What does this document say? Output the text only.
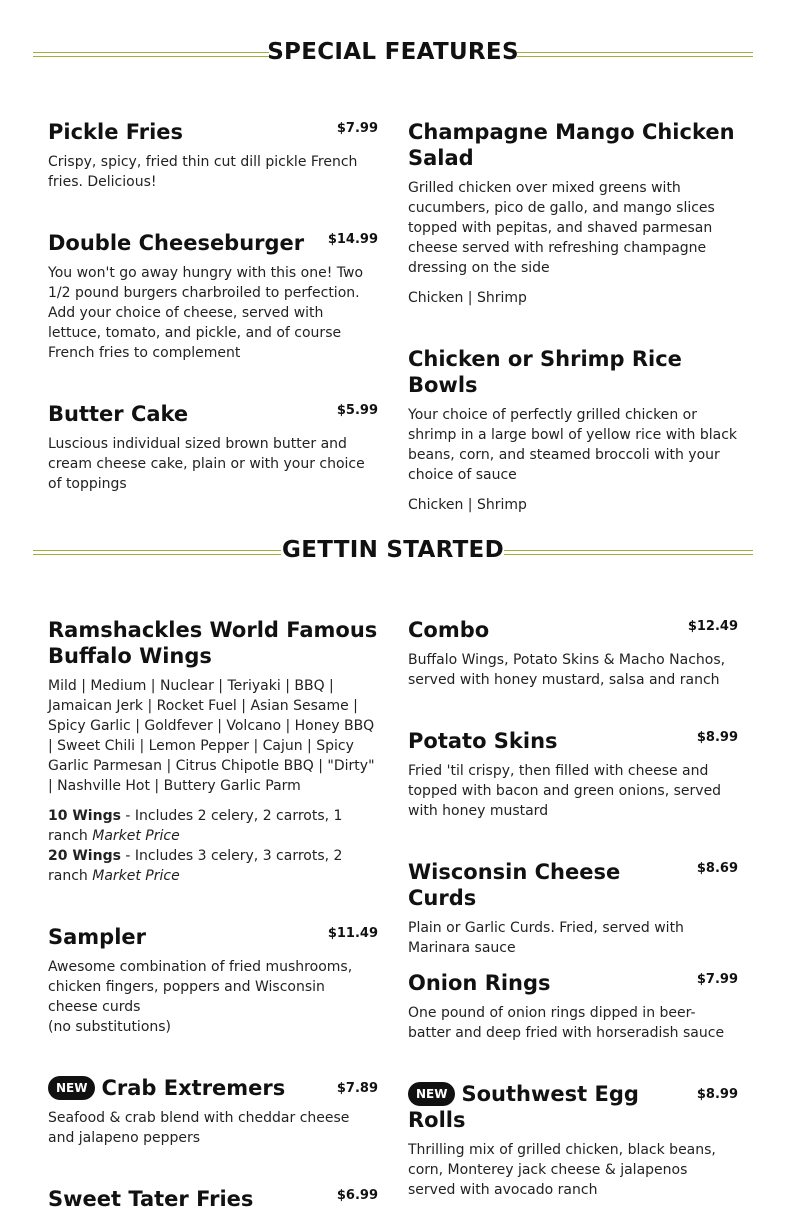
SPECIAL FEATURES
Pickle Fries	$7.99
Crispy, spicy, fried thin cut dill pickle French fries. Delicious!
Double Cheeseburger	$14.99
You won't go away hungry with this one! Two 1/2 pound burgers charbroiled to perfection.
Add your choice of cheese, served with lettuce, tomato, and pickle, and of course French fries to complement
Butter Cake	$5.99
Luscious individual sized brown butter and cream cheese cake, plain or with your choice of toppings
Champagne Mango Chicken Salad
Grilled chicken over mixed greens with cucumbers, pico de gallo, and mango slices topped with pepitas, and shaved parmesan cheese served with refreshing champagne dressing on the side
Chicken | Shrimp
Chicken or Shrimp Rice Bowls
Your choice of perfectly grilled chicken or shrimp in a large bowl of yellow rice with black beans, corn, and steamed broccoli with your choice of sauce
Chicken | Shrimp
GETTIN STARTED
Ramshackles World Famous Buffalo Wings
Mild | Medium | Nuclear | Teriyaki | BBQ | Jamaican Jerk | Rocket Fuel | Asian Sesame | Spicy Garlic | Goldfever | Volcano | Honey BBQ | Sweet Chili | Lemon Pepper | Cajun | Spicy Garlic Parmesan | Citrus Chipotle BBQ | "Dirty" | Nashville Hot | Buttery Garlic Parm
10 Wings - Includes 2 celery, 2 carrots, 1 ranch Market Price
20 Wings - Includes 3 celery, 3 carrots, 2 ranch Market Price
Sampler	$11.49
Awesome combination of fried mushrooms, chicken fingers, poppers and Wisconsin cheese curds
(no substitutions)
NEW Crab Extremers	$7.89
Seafood & crab blend with cheddar cheese and jalapeno peppers
Sweet Tater Fries	$6.99
Combo	$12.49
Buffalo Wings, Potato Skins & Macho Nachos, served with honey mustard, salsa and ranch
Potato Skins	$8.99
Fried 'til crispy, then filled with cheese and topped with bacon and green onions, served with honey mustard
Wisconsin Cheese Curds
$8.69
Plain or Garlic Curds. Fried, served with Marinara sauce
Onion Rings	$7.99
One pound of onion rings dipped in beer-batter and deep fried with horseradish sauce
NEW Southwest Egg Rolls
$8.99
Thrilling mix of grilled chicken, black beans, corn, Monterey jack cheese & jalapenos served with avocado ranch
